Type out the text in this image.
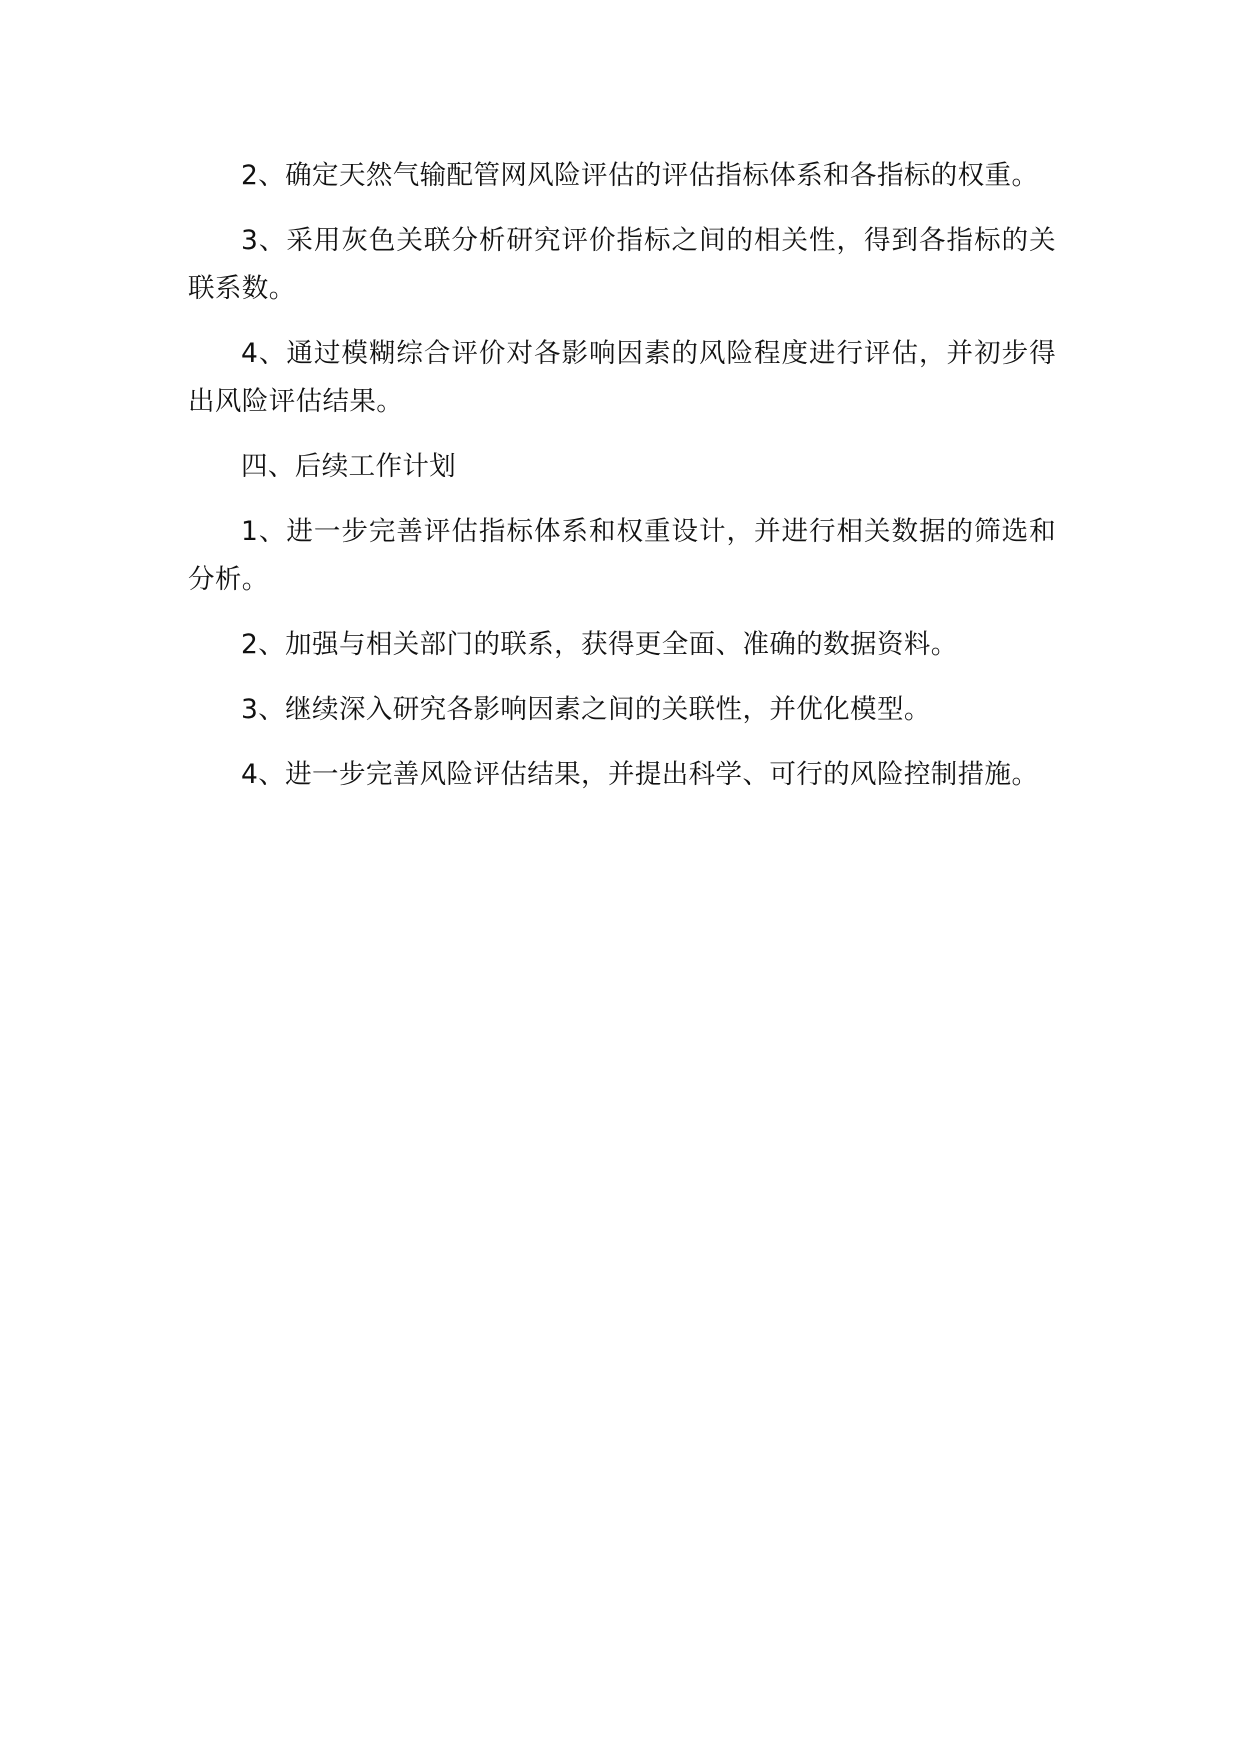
2、确定天然气输配管网风险评估的评估指标体系和各指标的权重。

3、采用灰色关联分析研究评价指标之间的相关性，得到各指标的关联系数。

4、通过模糊综合评价对各影响因素的风险程度进行评估，并初步得出风险评估结果。

四、后续工作计划

1、进一步完善评估指标体系和权重设计，并进行相关数据的筛选和分析。

2、加强与相关部门的联系，获得更全面、准确的数据资料。

3、继续深入研究各影响因素之间的关联性，并优化模型。

4、进一步完善风险评估结果，并提出科学、可行的风险控制措施。
